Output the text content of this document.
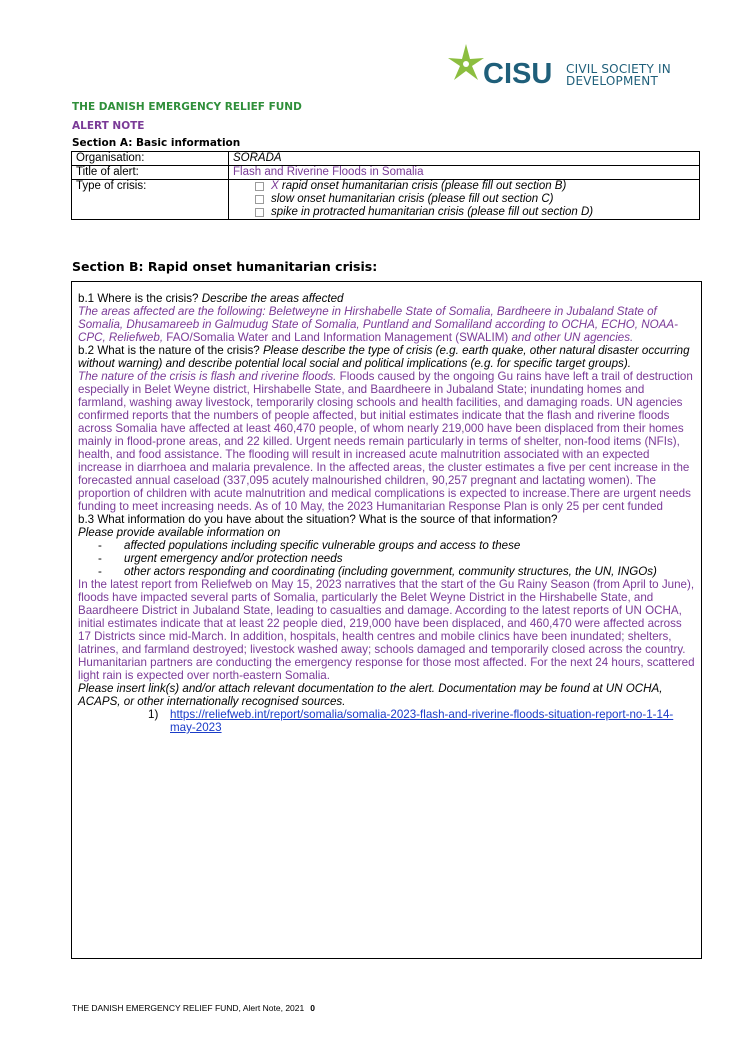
CISU CIVIL SOCIETY IN
DEVELOPMENT
THE DANISH EMERGENCY RELIEF FUND
ALERT NOTE
Section A: Basic information
Organisation:	SORADA
Title of alert:	Flash and Riverine Floods in Somalia
Type of crisis:	X rapid onset humanitarian crisis (please fill out section B)
slow onset humanitarian crisis (please fill out section C)
spike in protracted humanitarian crisis (please fill out section D)
Section B: Rapid onset humanitarian crisis:

b.1 Where is the crisis? Describe the areas affected

The areas affected are the following: Beletweyne in Hirshabelle State of Somalia, Bardheere in Jubaland State of Somalia, Dhusamareeb in Galmudug State of Somalia, Puntland and Somaliland according to OCHA, ECHO, NOAA-CPC, Reliefweb, FAO/Somalia Water and Land Information Management (SWALIM) and other UN agencies.

b.2 What is the nature of the crisis? Please describe the type of crisis (e.g. earth quake, other natural disaster occurring without warning) and describe potential local social and political implications (e.g. for specific target groups).

The nature of the crisis is flash and riverine floods. Floods caused by the ongoing Gu rains have left a trail of destruction especially in Belet Weyne district, Hirshabelle State, and Baardheere in Jubaland State; inundating homes and farmland, washing away livestock, temporarily closing schools and health facilities, and damaging roads. UN agencies confirmed reports that the numbers of people affected, but initial estimates indicate that the flash and riverine floods across Somalia have affected at least 460,470 people, of whom nearly 219,000 have been displaced from their homes mainly in flood-prone areas, and 22 killed. Urgent needs remain particularly in terms of shelter, non-food items (NFIs), health, and food assistance. The flooding will result in increased acute malnutrition associated with an expected increase in diarrhoea and malaria prevalence. In the affected areas, the cluster estimates a five per cent increase in the forecasted annual caseload (337,095 acutely malnourished children, 90,257 pregnant and lactating women). The proportion of children with acute malnutrition and medical complications is expected to increase.There are urgent needs funding to meet increasing needs. As of 10 May, the 2023 Humanitarian Response Plan is only 25 per cent funded

b.3 What information do you have about the situation? What is the source of that information?

Please provide available information on

- affected populations including specific vulnerable groups and access to these
- urgent emergency and/or protection needs
- other actors responding and coordinating (including government, community structures, the UN, INGOs)

In the latest report from Reliefweb on May 15, 2023 narratives that the start of the Gu Rainy Season (from April to June), floods have impacted several parts of Somalia, particularly the Belet Weyne District in the Hirshabelle State, and Baardheere District in Jubaland State, leading to casualties and damage. According to the latest reports of UN OCHA, initial estimates indicate that at least 22 people died, 219,000 have been displaced, and 460,470 were affected across 17 Districts since mid-March. In addition, hospitals, health centres and mobile clinics have been inundated; shelters, latrines, and farmland destroyed; livestock washed away; schools damaged and temporarily closed across the country. Humanitarian partners are conducting the emergency response for those most affected. For the next 24 hours, scattered light rain is expected over north-eastern Somalia.

Please insert link(s) and/or attach relevant documentation to the alert. Documentation may be found at UN OCHA, ACAPS, or other internationally recognised sources.

1) https://reliefweb.int/report/somalia/somalia-2023-flash-and-riverine-floods-situation-report-no-1-14-may-2023
THE DANISH EMERGENCY RELIEF FUND, Alert Note, 2021 0
